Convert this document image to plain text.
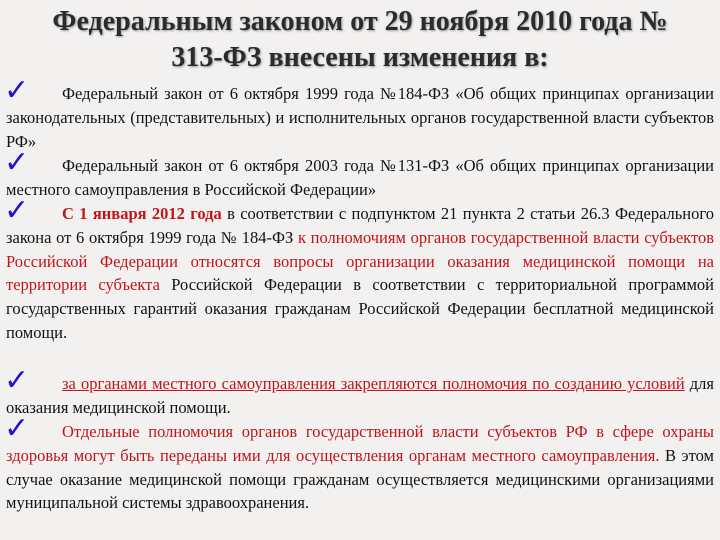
Федеральным законом от 29 ноября 2010 года №
313-ФЗ внесены изменения в:
✓	Федеральный закон от 6 октября 1999 года №184-ФЗ «Об общих принципах организации законодательных (представительных) и исполнительных органов государственной власти субъектов РФ»

✓	Федеральный закон от 6 октября 2003 года №131-ФЗ «Об общих принципах организации местного самоуправления в Российской Федерации»

✓	С 1 января 2012 года в соответствии с подпунктом 21 пункта 2 статьи 26.3 Федерального закона от 6 октября 1999 года № 184-ФЗ к полномочиям органов государственной власти субъектов Российской Федерации относятся вопросы организации оказания медицинской помощи на территории субъекта Российской Федерации в соответствии с территориальной программой государственных гарантий оказания гражданам Российской Федерации бесплатной медицинской помощи.

✓	за органами местного самоуправления закрепляются полномочия по созданию условий для оказания медицинской помощи.

✓	Отдельные полномочия органов государственной власти субъектов РФ в сфере охраны здоровья могут быть переданы ими для осуществления органам местного самоуправления. В этом случае оказание медицинской помощи гражданам осуществляется медицинскими организациями муниципальной системы здравоохранения.
